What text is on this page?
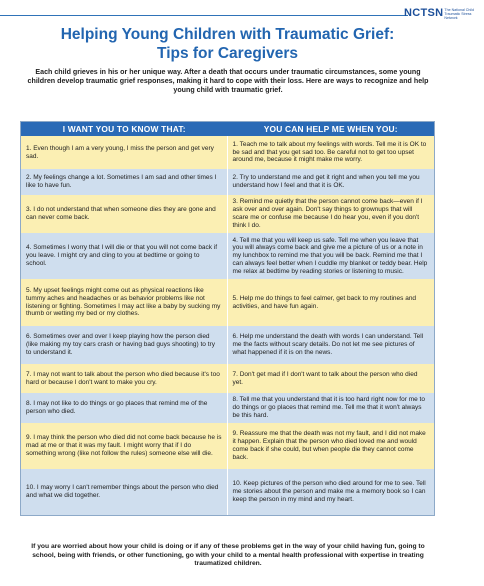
NCTSN The National Child Traumatic Stress Network
Helping Young Children with Traumatic Grief:
Tips for Caregivers
Each child grieves in his or her unique way. After a death that occurs under traumatic circumstances, some young children develop traumatic grief responses, making it hard to cope with their loss. Here are ways to recognize and help young child with traumatic grief.
I WANT YOU TO KNOW THAT:	YOU CAN HELP ME WHEN YOU:
1. Even though I am a very young, I miss the person and get very sad.
1. Teach me to talk about my feelings with words. Tell me it is OK to be sad and that you get sad too. Be careful not to get too upset around me, because it might make me worry.
2. My feelings change a lot. Sometimes I am sad and other times I like to have fun.
2. Try to understand me and get it right and when you tell me you understand how I feel and that it is OK.
3. I do not understand that when someone dies they are gone and can never come back.
3. Remind me quietly that the person cannot come back—even if I ask over and over again. Don't say things to grownups that will scare me or confuse me because I do hear you, even if you don't think I do.
4. Sometimes I worry that I will die or that you will not come back if you leave. I might cry and cling to you at bedtime or going to school.
4. Tell me that you will keep us safe. Tell me when you leave that you will always come back and give me a picture of us or a note in my lunchbox to remind me that you will be back. Remind me that I can always feel better when I cuddle my blanket or teddy bear. Help me relax at bedtime by reading stories or listening to music.
5. My upset feelings might come out as physical reactions like tummy aches and headaches or as behavior problems like not listening or fighting. Sometimes I may act like a baby by sucking my thumb or wetting my bed or my clothes.
5. Help me do things to feel calmer, get back to my routines and activities, and have fun again.
6. Sometimes over and over I keep playing how the person died (like making my toy cars crash or having bad guys shooting) to try to understand it.
6. Help me understand the death with words I can understand. Tell me the facts without scary details. Do not let me see pictures of what happened if it is on the news.
7. I may not want to talk about the person who died because it's too hard or because I don't want to make you cry.
7. Don't get mad if I don't want to talk about the person who died yet.
8. I may not like to do things or go places that remind me of the person who died.
8. Tell me that you understand that it is too hard right now for me to do things or go places that remind me. Tell me that it won't always be this hard.
9. I may think the person who died did not come back because he is mad at me or that it was my fault. I might worry that if I do something wrong (like not follow the rules) someone else will die.
9. Reassure me that the death was not my fault, and I did not make it happen. Explain that the person who died loved me and would come back if she could, but when people die they cannot come back.
10. I may worry I can't remember things about the person who died and what we did together.
10. Keep pictures of the person who died around for me to see. Tell me stories about the person and make me a memory book so I can keep the person in my mind and my heart.
If you are worried about how your child is doing or if any of these problems get in the way of your child having fun, going to school, being with friends, or other functioning, go with your child to a mental health professional with expertise in treating traumatized children.
